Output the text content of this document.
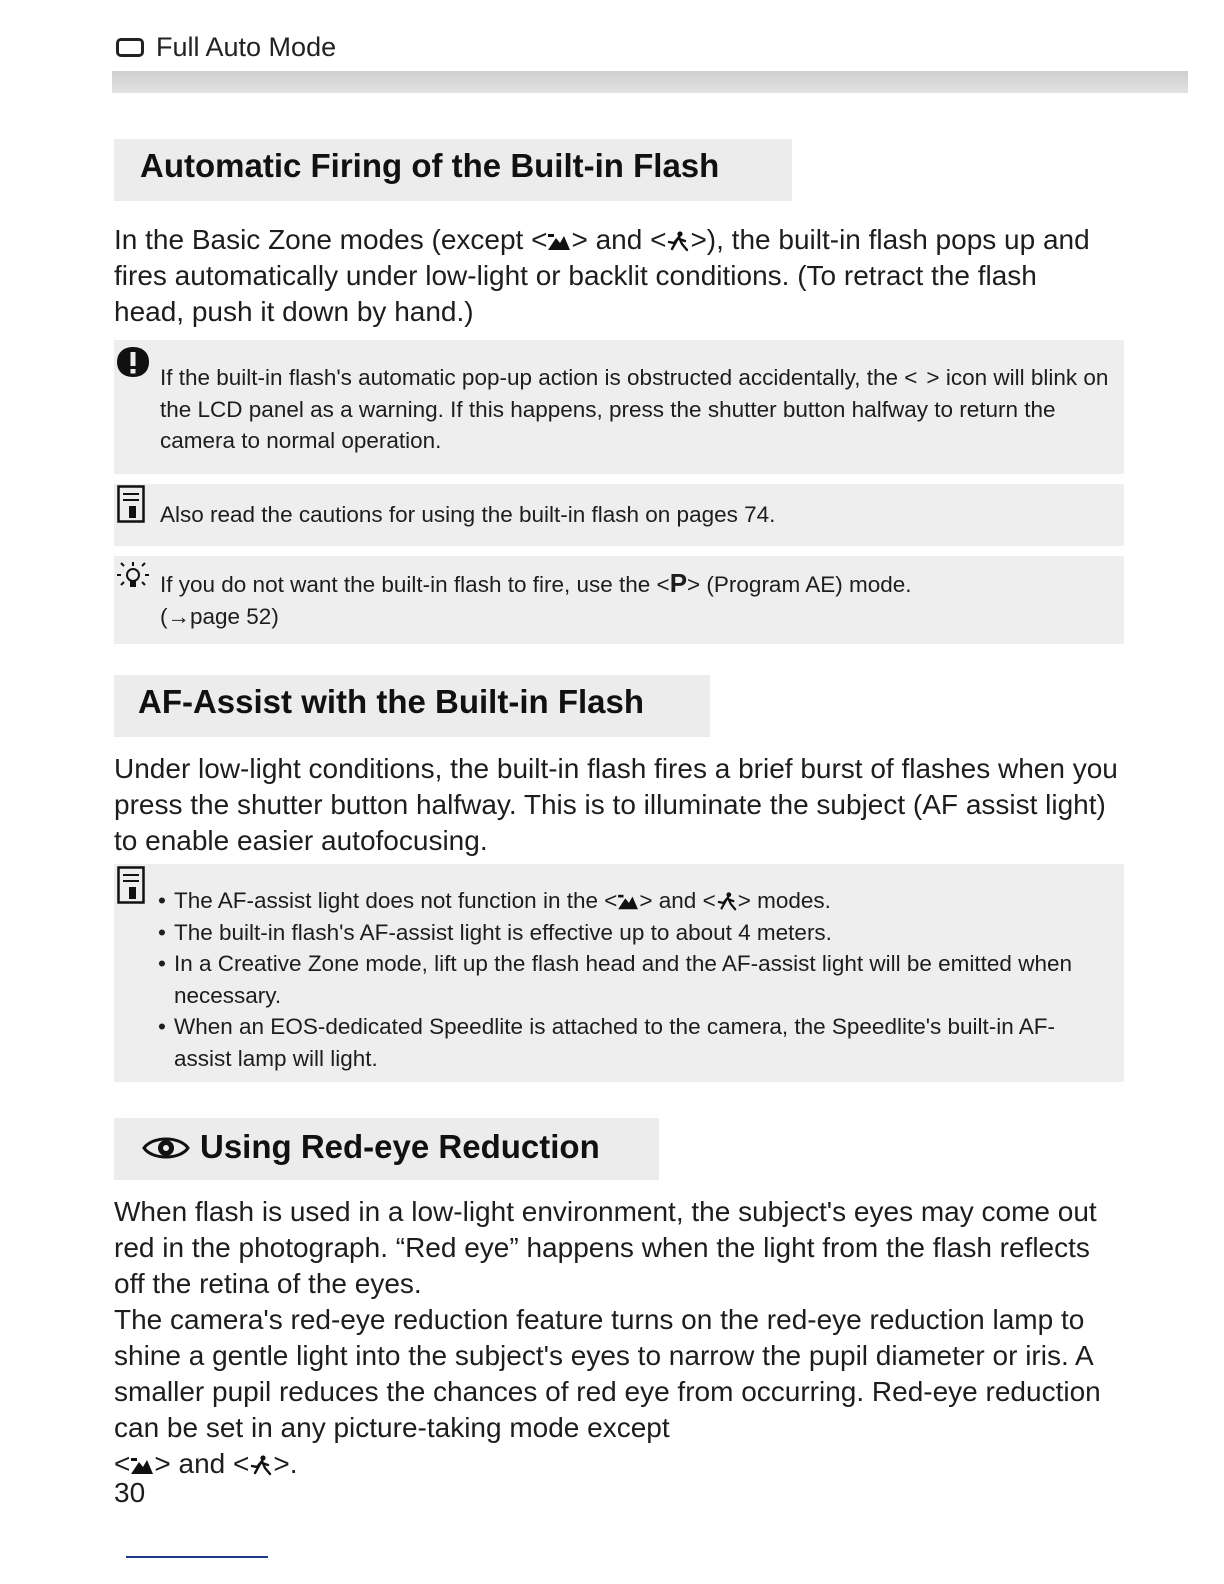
Full Auto Mode
Automatic Firing of the Built-in Flash
In the Basic Zone modes (except < > and < >), the built-in flash pops up and fires automatically under low-light or backlit conditions. (To retract the flash head, push it down by hand.)
If the built-in flash's automatic pop-up action is obstructed accidentally, the <  > icon will blink on the LCD panel as a warning. If this happens, press the shutter button halfway to return the camera to normal operation.
Also read the cautions for using the built-in flash on pages 74.
If you do not want the built-in flash to fire, use the <P> (Program AE) mode.
(→page 52)
AF-Assist with the Built-in Flash
Under low-light conditions, the built-in flash fires a brief burst of flashes when you press the shutter button halfway. This is to illuminate the subject (AF assist light) to enable easier autofocusing.
• The AF-assist light does not function in the < > and < > modes.
• The built-in flash's AF-assist light is effective up to about 4 meters.
• In a Creative Zone mode, lift up the flash head and the AF-assist light will be emitted when necessary.
• When an EOS-dedicated Speedlite is attached to the camera, the Speedlite's built-in AF-assist lamp will light.
Using Red-eye Reduction
When flash is used in a low-light environment, the subject's eyes may come out red in the photograph. “Red eye” happens when the light from the flash reflects off the retina of the eyes.
The camera's red-eye reduction feature turns on the red-eye reduction lamp to shine a gentle light into the subject's eyes to narrow the pupil diameter or iris. A smaller pupil reduces the chances of red eye from occurring. Red-eye reduction can be set in any picture-taking mode except
< > and < >.
30
